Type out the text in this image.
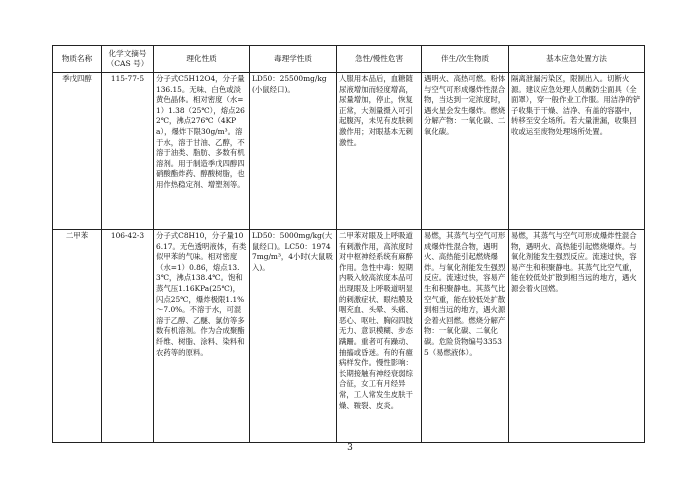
物质名称	化学文摘号（CAS 号）	理化性质	毒理学性质	急性/慢性危害	伴生/次生物质	基本应急处置方法
季戊四醇	115-77-5	分子式C5H12O4，分子量136.15。无味、白色或淡黄色晶体。相对密度（水=1）1.38（25℃），熔点262℃，沸点276℃（4KPa），爆炸下限30g/m³。溶于水，溶于甘油、乙醇，不溶于油类、脂肪、多数有机溶剂。用于制造季戊四醇四硝酸酯炸药、醇酸树脂，也用作热稳定剂、增塑剂等。	LD50：25500mg/kg(小鼠经口)。	人服用本品后，血糖随尿液增加而轻度增高，尿量增加，停止，恢复正常，大剂量摄入可引起腹泻，未见有皮肤刺激作用；对眼基本无刺激性。	遇明火、高热可燃。粉体与空气可形成爆炸性混合物，当达到一定浓度时，遇火星会发生爆炸。燃烧分解产物：一氧化碳、二氧化碳。	隔离泄漏污染区，限制出入。切断火源。建议应急处理人员戴防尘面具（全面罩），穿一般作业工作服。用洁净的铲子收集于干燥、洁净、有盖的容器中，转移至安全场所。若大量泄漏，收集回收或运至废物处理场所处置。
二甲苯	106-42-3	分子式C8H10，分子量106.17。无色透明液体，有类似甲苯的气味。相对密度（水=1）0.86，熔点13.3℃，沸点138.4℃。饱和蒸气压1.16KPa(25℃)，闪点25℃，爆炸极限1.1%～7.0%。不溶于水，可混溶于乙醇、乙醚、氯仿等多数有机溶剂。作为合成聚酯纤维、树脂、涂料、染料和农药等的原料。	LD50：5000mg/kg(大鼠经口)。LC50：19747mg/m³，4小时(大鼠吸入)。	二甲苯对眼及上呼吸道有刺激作用，高浓度时对中枢神经系统有麻醉作用。急性中毒：短期内吸入较高浓度本品可出现眼及上呼吸道明显的刺激症状、眼结膜及咽充血、头晕、头痛、恶心、呕吐、胸闷四肢无力、意识模糊、步态蹒跚。重者可有躁动、抽搐或昏迷。有的有癔病样发作。慢性影响：长期接触有神经衰弱综合征，女工有月经异常，工人常发生皮肤干燥、皲裂、皮炎。	易燃，其蒸气与空气可形成爆炸性混合物，遇明火、高热能引起燃烧爆炸。与氧化剂能发生强烈反应。流速过快，容易产生和积聚静电。其蒸气比空气重，能在较低处扩散到相当远的地方，遇火源会着火回燃。燃烧分解产物：一氧化碳、二氧化碳。危险货物编号33535（易燃液体）。	易燃，其蒸气与空气可形成爆炸性混合物，遇明火、高热能引起燃烧爆炸。与氧化剂能发生强烈反应。流速过快，容易产生和积聚静电。其蒸气比空气重，能在较低处扩散到相当远的地方，遇火源会着火回燃。
3
